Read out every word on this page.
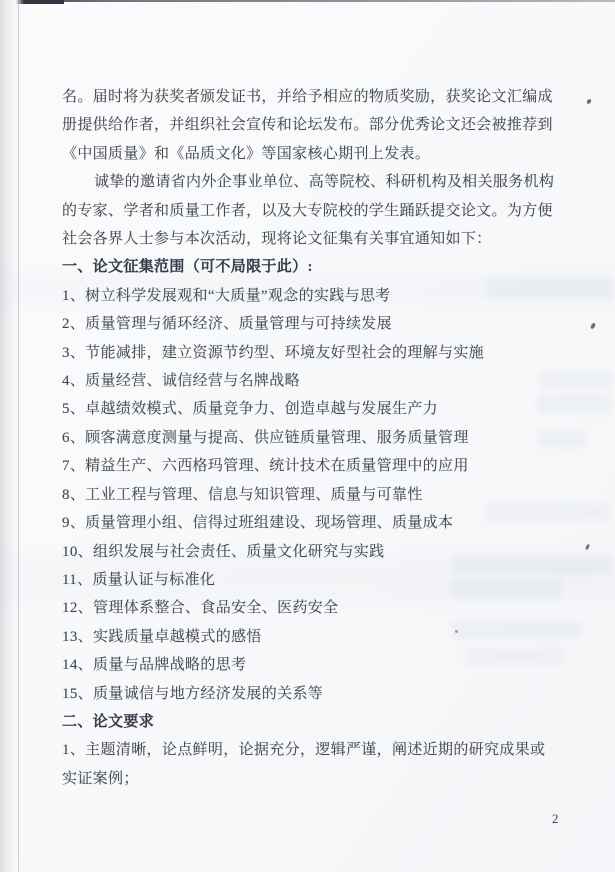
名。届时将为获奖者颁发证书，并给予相应的物质奖励，获奖论文汇编成
册提供给作者，并组织社会宣传和论坛发布。部分优秀论文还会被推荐到
《中国质量》和《品质文化》等国家核心期刊上发表。
诚挚的邀请省内外企事业单位、高等院校、科研机构及相关服务机构
的专家、学者和质量工作者，以及大专院校的学生踊跃提交论文。为方便
社会各界人士参与本次活动，现将论文征集有关事宜通知如下：
一、论文征集范围（可不局限于此）:
1、树立科学发展观和“大质量”观念的实践与思考
2、质量管理与循环经济、质量管理与可持续发展
3、节能减排，建立资源节约型、环境友好型社会的理解与实施
4、质量经营、诚信经营与名牌战略
5、卓越绩效模式、质量竞争力、创造卓越与发展生产力
6、顾客满意度测量与提高、供应链质量管理、服务质量管理
7、精益生产、六西格玛管理、统计技术在质量管理中的应用
8、工业工程与管理、信息与知识管理、质量与可靠性
9、质量管理小组、信得过班组建设、现场管理、质量成本
10、组织发展与社会责任、质量文化研究与实践
11、质量认证与标准化
12、管理体系整合、食品安全、医药安全
13、实践质量卓越模式的感悟
14、质量与品牌战略的思考
15、质量诚信与地方经济发展的关系等
二、论文要求
1、主题清晰，论点鲜明，论据充分，逻辑严谨，阐述近期的研究成果或
实证案例；
2
